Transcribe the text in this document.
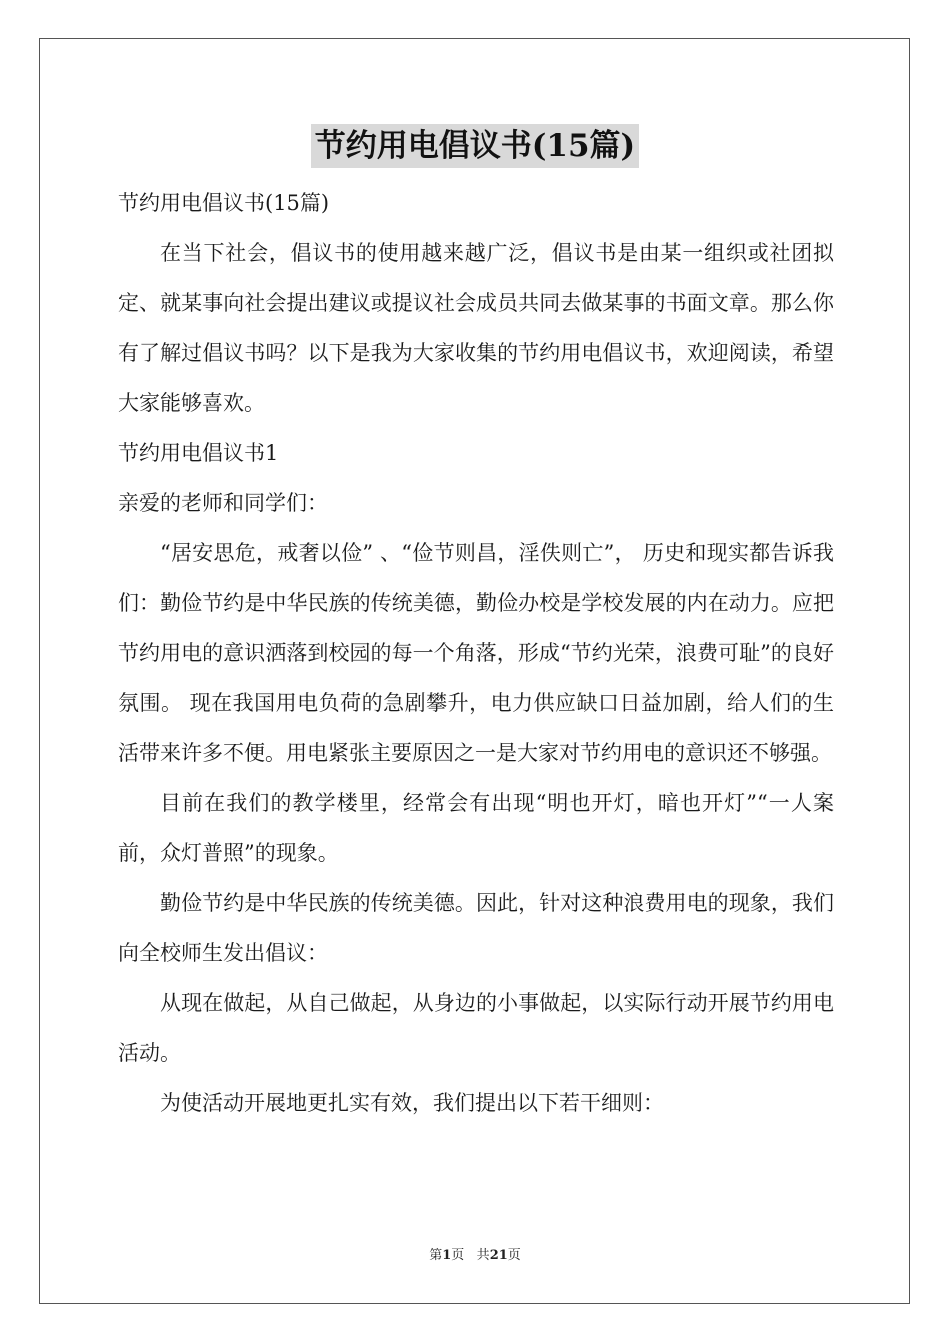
节约用电倡议书(15篇)

节约用电倡议书(15篇)

在当下社会，倡议书的使用越来越广泛，倡议书是由某一组织或社团拟定、就某事向社会提出建议或提议社会成员共同去做某事的书面文章。那么你有了解过倡议书吗？以下是我为大家收集的节约用电倡议书，欢迎阅读，希望大家能够喜欢。

节约用电倡议书1

亲爱的老师和同学们：

“居安思危，戒奢以俭” 、“俭节则昌，淫佚则亡”， 历史和现实都告诉我们：勤俭节约是中华民族的传统美德，勤俭办校是学校发展的内在动力。应把节约用电的意识洒落到校园的每一个角落，形成“节约光荣，浪费可耻”的良好氛围。 现在我国用电负荷的急剧攀升，电力供应缺口日益加剧，给人们的生活带来许多不便。用电紧张主要原因之一是大家对节约用电的意识还不够强。

目前在我们的教学楼里，经常会有出现“明也开灯，暗也开灯”“一人案前，众灯普照”的现象。

勤俭节约是中华民族的传统美德。因此，针对这种浪费用电的现象，我们向全校师生发出倡议：

从现在做起，从自己做起，从身边的小事做起，以实际行动开展节约用电活动。

为使活动开展地更扎实有效，我们提出以下若干细则：

第1页 共21页
